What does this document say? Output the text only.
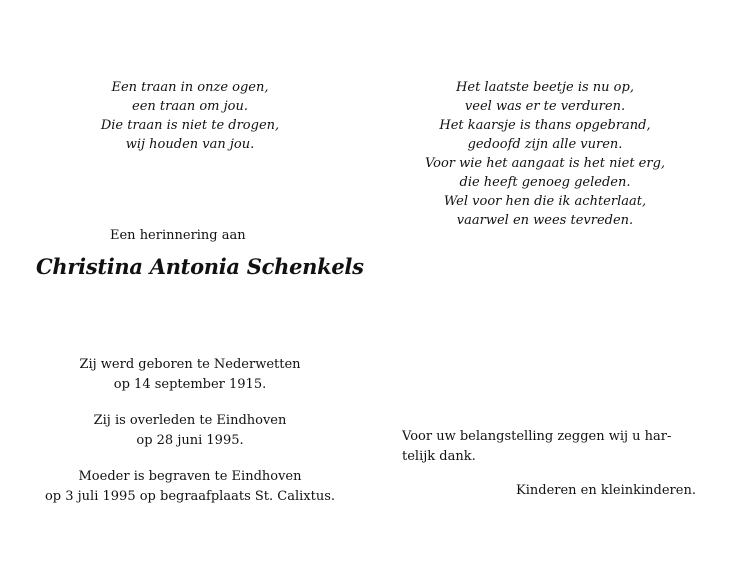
Een traan in onze ogen,
een traan om jou.
Die traan is niet te drogen,
wij houden van jou.
Het laatste beetje is nu op,
veel was er te verduren.
Het kaarsje is thans opgebrand,
gedoofd zijn alle vuren.
Voor wie het aangaat is het niet erg,
die heeft genoeg geleden.
Wel voor hen die ik achterlaat,
vaarwel en wees tevreden.
Een herinnering aan
Christina Antonia Schenkels
Zij werd geboren te Nederwetten
op 14 september 1915.
Zij is overleden te Eindhoven
op 28 juni 1995.
Moeder is begraven te Eindhoven
op 3 juli 1995 op begraafplaats St. Calixtus.
Voor uw belangstelling zeggen wij u har-
telijk dank.
Kinderen en kleinkinderen.
